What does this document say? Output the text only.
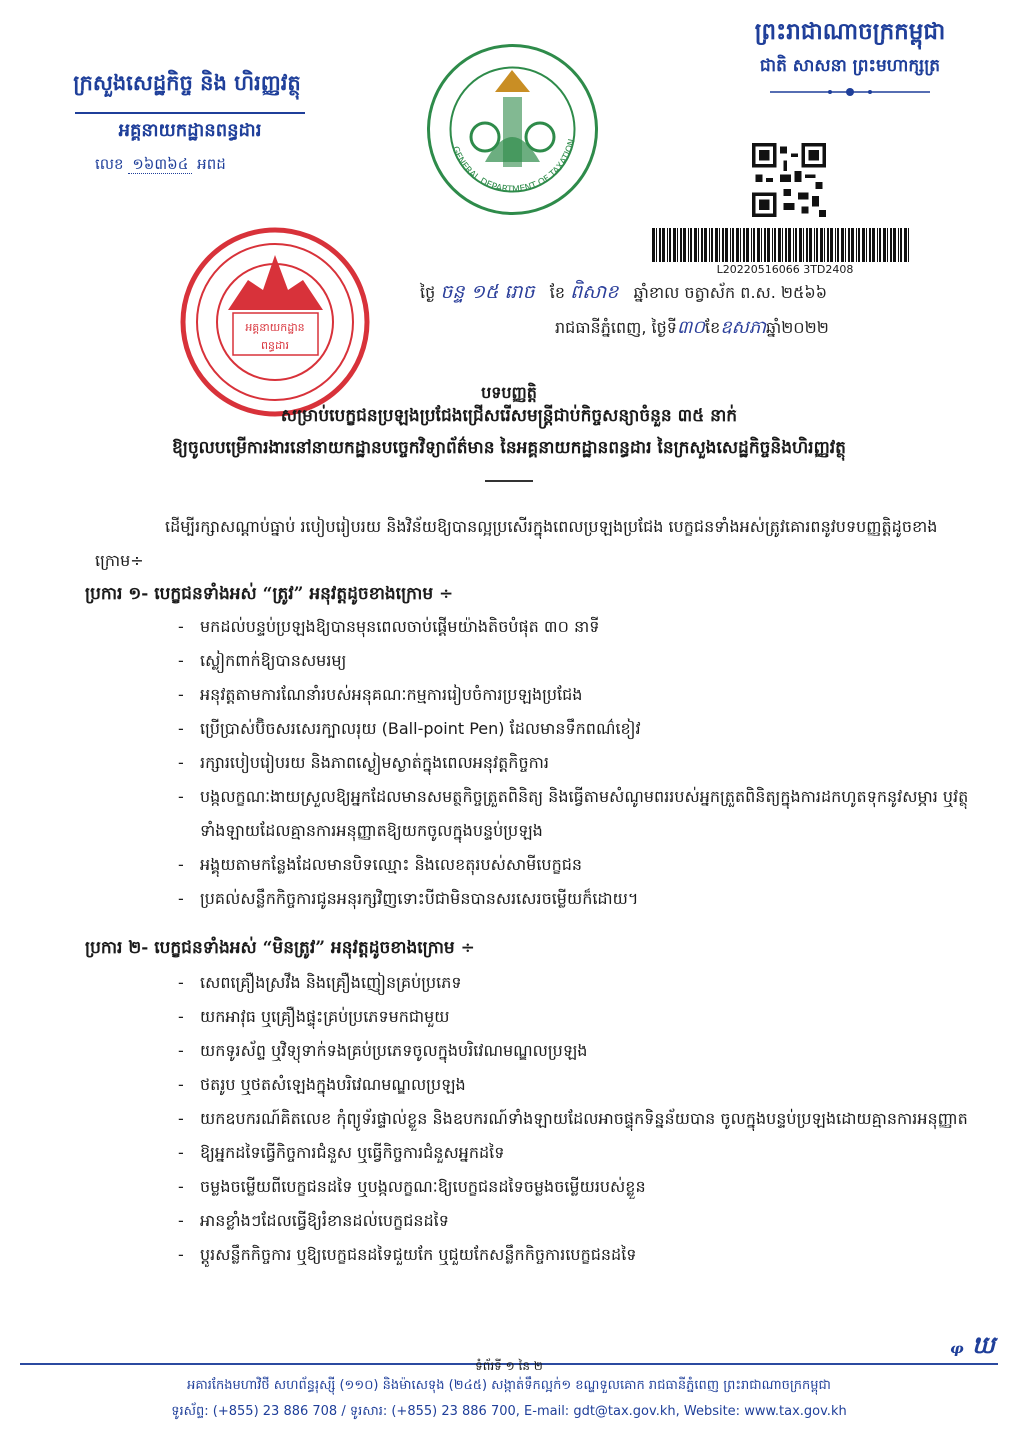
ក្រសួងសេដ្ឋកិច្ច និង ហិរញ្ញវត្ថុ
អគ្គនាយកដ្ឋានពន្ធដារ
លេខ ១៦៣៦៤ អពដ
ព្រះរាជាណាចក្រកម្ពុជា
ជាតិ សាសនា ព្រះមហាក្សត្រ
GENERAL DEPARTMENT OF TAXATION
អគ្គនាយកដ្ឋាន
ពន្ធដារ
L20220516066 3TD2408
ថ្ងៃ ចន្ទ ១៥ រោច ខែ ពិសាខ ឆ្នាំខាល ចត្វាស័ក ព.ស. ២៥៦៦
រាជធានីភ្នំពេញ, ថ្ងៃទី៣០ខែឧសភាឆ្នាំ២០២២
បទបញ្ញត្តិ
សម្រាប់បេក្ខជនប្រឡងប្រជែងជ្រើសរើសមន្ត្រីជាប់កិច្ចសន្យាចំនួន ៣៥ នាក់
ឱ្យចូលបម្រើការងារនៅនាយកដ្ឋានបច្ចេកវិទ្យាព័ត៌មាន នៃអគ្គនាយកដ្ឋានពន្ធដារ នៃក្រសួងសេដ្ឋកិច្ចនិងហិរញ្ញវត្ថុ
ដើម្បីរក្សាសណ្តាប់ធ្នាប់ របៀបរៀបរយ និងវិន័យឱ្យបានល្អប្រសើរក្នុងពេលប្រឡងប្រជែង បេក្ខជនទាំងអស់ត្រូវគោរពនូវបទបញ្ញត្តិដូចខាងក្រោម÷
ប្រការ ១- បេក្ខជនទាំងអស់ “ត្រូវ” អនុវត្តដូចខាងក្រោម ÷
- មកដល់បន្ទប់ប្រឡងឱ្យបានមុនពេលចាប់ផ្តើមយ៉ាងតិចបំផុត ៣០ នាទី
- ស្លៀកពាក់ឱ្យបានសមរម្យ
- អនុវត្តតាមការណែនាំរបស់អនុគណៈកម្មការរៀបចំការប្រឡងប្រជែង
- ប្រើប្រាស់ប៊ិចសរសេរក្បាលរុយ (Ball-point Pen) ដែលមានទឹកពណ៌ខៀវ
- រក្សារបៀបរៀបរយ និងភាពស្ងៀមស្ងាត់ក្នុងពេលអនុវត្តកិច្ចការ
- បង្កលក្ខណៈងាយស្រួលឱ្យអ្នកដែលមានសមត្ថកិច្ចត្រួតពិនិត្យ និងធ្វើតាមសំណូមពររបស់អ្នកត្រួតពិនិត្យក្នុងការដកហូតទុកនូវសម្ភារ ឬវត្ថុទាំងឡាយដែលគ្មានការអនុញ្ញាតឱ្យយកចូលក្នុងបន្ទប់ប្រឡង
- អង្គុយតាមកន្លែងដែលមានបិទឈ្មោះ និងលេខតុរបស់សាមីបេក្ខជន
- ប្រគល់សន្លឹកកិច្ចការជូនអនុរក្សវិញទោះបីជាមិនបានសរសេរចម្លើយក៏ដោយ។
ប្រការ ២- បេក្ខជនទាំងអស់ “មិនត្រូវ” អនុវត្តដូចខាងក្រោម ÷
- សេពគ្រឿងស្រវឹង និងគ្រឿងញៀនគ្រប់ប្រភេទ
- យកអាវុធ ឬគ្រឿងផ្ទុះគ្រប់ប្រភេទមកជាមួយ
- យកទូរស័ព្ទ ឬវិទ្យុទាក់ទងគ្រប់ប្រភេទចូលក្នុងបរិវេណមណ្ឌលប្រឡង
- ថតរូប ឬថតសំឡេងក្នុងបរិវេណមណ្ឌលប្រឡង
- យកឧបករណ៍គិតលេខ កុំព្យូទ័រផ្ទាល់ខ្លួន និងឧបករណ៍ទាំងឡាយដែលអាចផ្ទុកទិន្នន័យបាន ចូលក្នុងបន្ទប់ប្រឡងដោយគ្មានការអនុញ្ញាត
- ឱ្យអ្នកដទៃធ្វើកិច្ចការជំនួស ឬធ្វើកិច្ចការជំនួសអ្នកដទៃ
- ចម្លងចម្លើយពីបេក្ខជនដទៃ ឬបង្កលក្ខណៈឱ្យបេក្ខជនដទៃចម្លងចម្លើយរបស់ខ្លួន
- អានខ្លាំងៗដែលធ្វើឱ្យរំខានដល់បេក្ខជនដទៃ
- ប្តូរសន្លឹកកិច្ចការ ឬឱ្យបេក្ខជនដទៃជួយកែ ឬជួយកែសន្លឹកកិច្ចការបេក្ខជនដទៃ
ᵩ ឃ
ទំព័រទី ១ នៃ ២
អគារកែងមហាវិថី សហព័ន្ធរុស្ស៊ី (១១០) និងម៉ាសេទុង (២៤៥) សង្កាត់ទឹកល្អក់១ ខណ្ឌទួលគោក រាជធានីភ្នំពេញ ព្រះរាជាណាចក្រកម្ពុជា
ទូរស័ព្ទ: (+855) 23 886 708 / ទូរសារ: (+855) 23 886 700, E-mail: gdt@tax.gov.kh, Website: www.tax.gov.kh
